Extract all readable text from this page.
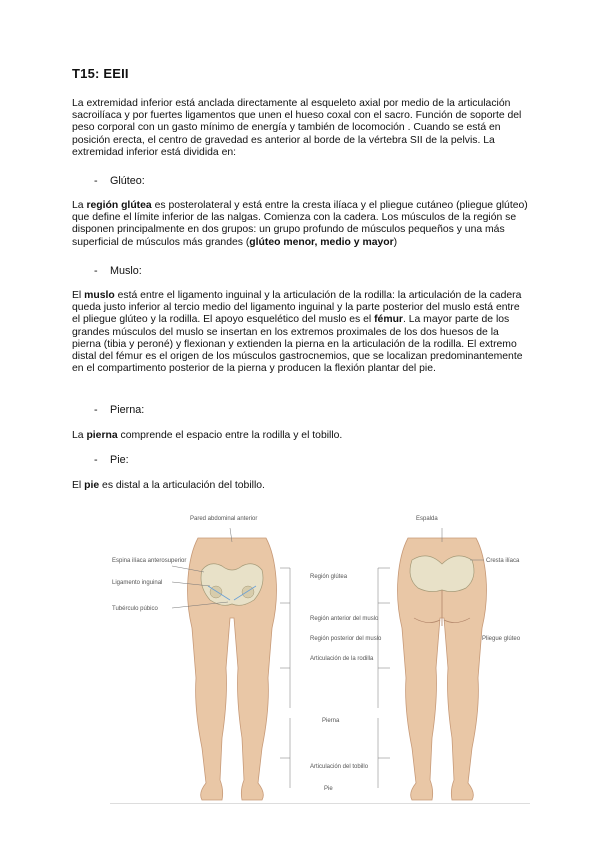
T15: EEII

La extremidad inferior está anclada directamente al esqueleto axial por medio de la articulación sacroilíaca y por fuertes ligamentos que unen el hueso coxal con el sacro. Función de soporte del peso corporal con un gasto mínimo de energía y también de locomoción . Cuando se está en posición erecta, el centro de gravedad es anterior al borde de la vértebra SII de la pelvis. La extremidad inferior está dividida en:

- Glúteo:

La región glútea es posterolateral y está entre la cresta ilíaca y el pliegue cutáneo (pliegue glúteo) que define el límite inferior de las nalgas. Comienza con la cadera. Los músculos de la región se disponen principalmente en dos grupos: un grupo profundo de músculos pequeños y una más superficial de músculos más grandes (glúteo menor, medio y mayor)

- Muslo:

El muslo está entre el ligamento inguinal y la articulación de la rodilla: la articulación de la cadera queda justo inferior al tercio medio del ligamento inguinal y la parte posterior del muslo está entre el pliegue glúteo y la rodilla. El apoyo esquelético del muslo es el fémur. La mayor parte de los grandes músculos del muslo se insertan en los extremos proximales de los dos huesos de la pierna (tibia y peroné) y flexionan y extienden la pierna en la articulación de la rodilla. El extremo distal del fémur es el origen de los músculos gastrocnemios, que se localizan predominantemente en el compartimento posterior de la pierna y producen la flexión plantar del pie.

- Pierna:

La pierna comprende el espacio entre la rodilla y el tobillo.

- Pie:

El pie es distal a la articulación del tobillo.

Pared abdominal anterior	Espalda
Espina ilíaca anterosuperior
Ligamento inguinal
Tubérculo púbico
Región glútea
Región anterior del muslo
Región posterior del muslo
Articulación de la rodilla
Pierna
Articulación del tobillo
Pie
Cresta ilíaca
Pliegue glúteo
